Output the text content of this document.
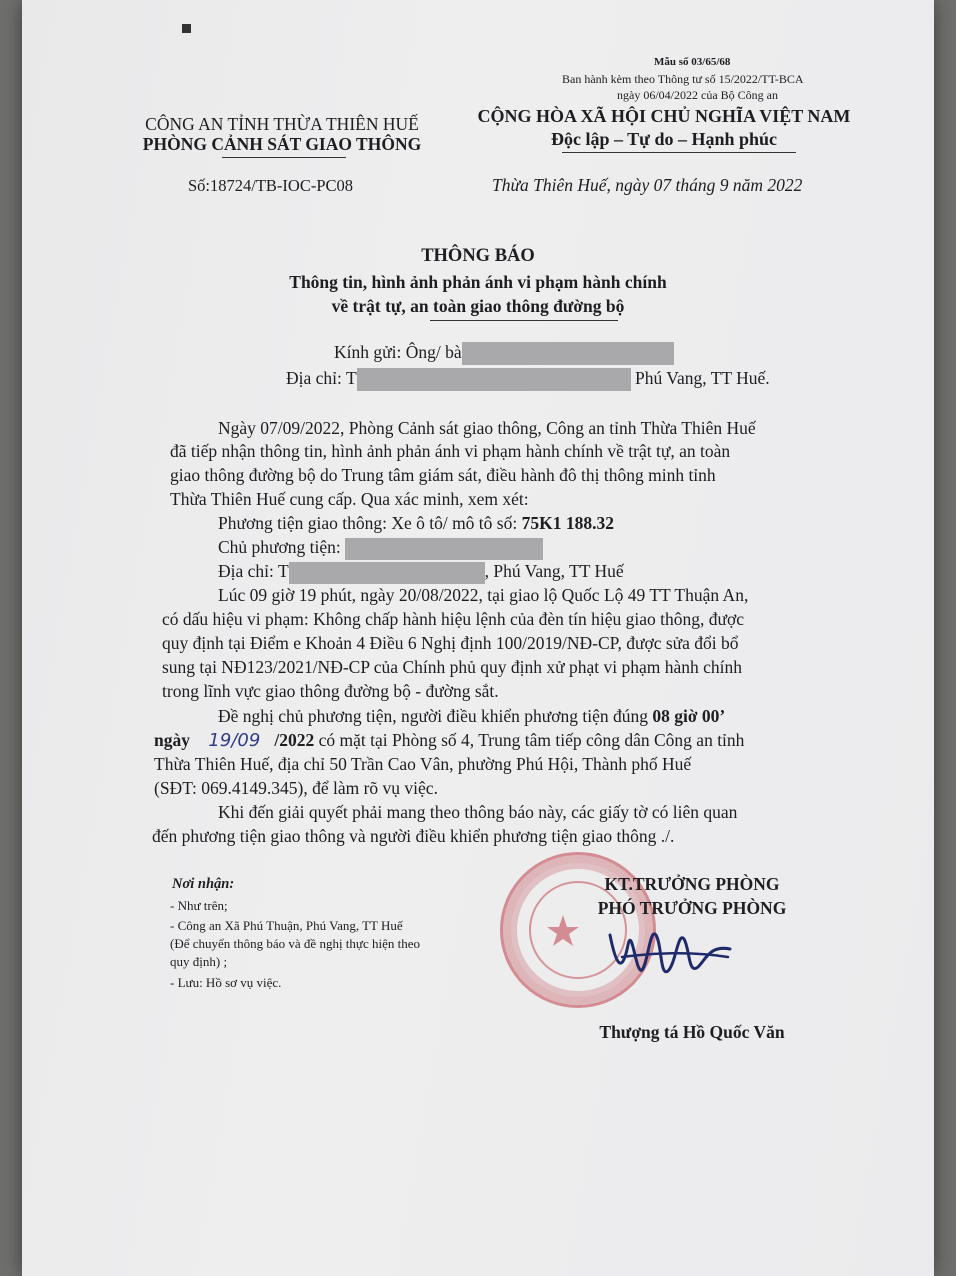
Mẫu số 03/65/68
Ban hành kèm theo Thông tư số 15/2022/TT-BCA
ngày 06/04/2022 của Bộ Công an
CÔNG AN TỈNH THỪA THIÊN HUẾ
PHÒNG CẢNH SÁT GIAO THÔNG
Số:18724/TB-IOC-PC08
CỘNG HÒA XÃ HỘI CHỦ NGHĨA VIỆT NAM
Độc lập – Tự do – Hạnh phúc
Thừa Thiên Huế, ngày 07 tháng 9 năm 2022
THÔNG BÁO
Thông tin, hình ảnh phản ánh vi phạm hành chính
về trật tự, an toàn giao thông đường bộ
Kính gửi: Ông/ bà
Địa chỉ: T	Phú Vang, TT Huế.
Ngày 07/09/2022, Phòng Cảnh sát giao thông, Công an tỉnh Thừa Thiên Huế
đã tiếp nhận thông tin, hình ảnh phản ánh vi phạm hành chính về trật tự, an toàn
giao thông đường bộ do Trung tâm giám sát, điều hành đô thị thông minh tỉnh
Thừa Thiên Huế cung cấp. Qua xác minh, xem xét:
Phương tiện giao thông: Xe ô tô/ mô tô số: 75K1 188.32
Chủ phương tiện:
Địa chỉ: T	, Phú Vang, TT Huế
Lúc 09 giờ 19 phút, ngày 20/08/2022, tại giao lộ Quốc Lộ 49 TT Thuận An,
có dấu hiệu vi phạm: Không chấp hành hiệu lệnh của đèn tín hiệu giao thông, được
quy định tại Điểm e Khoản 4 Điều 6 Nghị định 100/2019/NĐ-CP, được sửa đổi bổ
sung tại NĐ123/2021/NĐ-CP của Chính phủ quy định xử phạt vi phạm hành chính
trong lĩnh vực giao thông đường bộ - đường sắt.
Đề nghị chủ phương tiện, người điều khiển phương tiện đúng 08 giờ 00’
ngày 19/09 /2022 có mặt tại Phòng số 4, Trung tâm tiếp công dân Công an tỉnh
Thừa Thiên Huế, địa chỉ 50 Trần Cao Vân, phường Phú Hội, Thành phố Huế
(SĐT: 069.4149.345), để làm rõ vụ việc.
Khi đến giải quyết phải mang theo thông báo này, các giấy tờ có liên quan
đến phương tiện giao thông và người điều khiển phương tiện giao thông ./.
Nơi nhận:
- Như trên;
- Công an Xã Phú Thuận, Phú Vang, TT Huế
(Để chuyển thông báo và đề nghị thực hiện theo
quy định) ;
- Lưu: Hồ sơ vụ việc.
KT.TRƯỞNG PHÒNG
PHÓ TRƯỞNG PHÒNG
Thượng tá Hồ Quốc Văn
